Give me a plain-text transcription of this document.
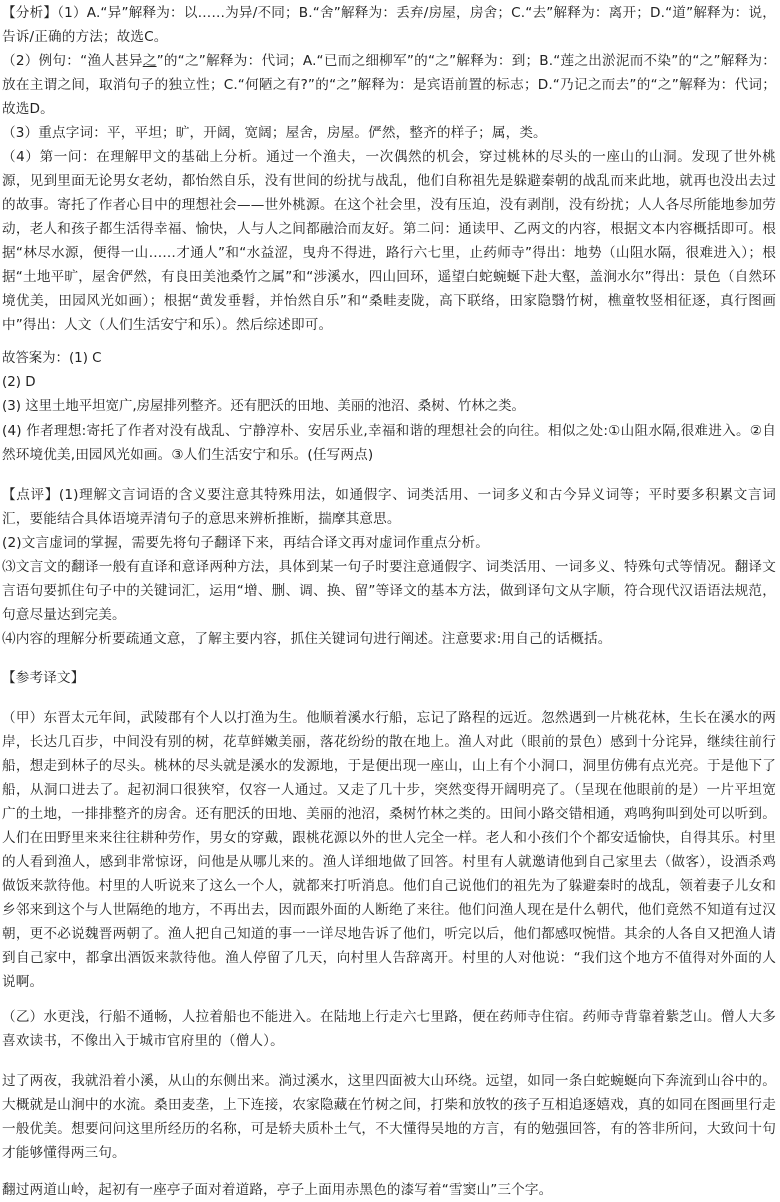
【分析】（1）A.“异”解释为：以……为异/不同；B.“舍”解释为：丢弃/房屋，房舍；C.“去”解释为：离开；D.“道”解释为：说，告诉/正确的方法；故选C。

（2）例句：“渔人甚异之”的“之”解释为：代词；A.“已而之细柳军”的“之”解释为：到；B.“莲之出淤泥而不染”的“之”解释为：放在主谓之间，取消句子的独立性；C.“何陋之有?”的“之”解释为：是宾语前置的标志；D.“乃记之而去”的“之”解释为：代词；故选D。

（3）重点字词：平，平坦；旷，开阔，宽阔；屋舍，房屋。俨然，整齐的样子；属，类。

（4）第一问：在理解甲文的基础上分析。通过一个渔夫，一次偶然的机会，穿过桃林的尽头的一座山的山洞。发现了世外桃源，见到里面无论男女老幼，都怡然自乐，没有世间的纷扰与战乱，他们自称祖先是躲避秦朝的战乱而来此地，就再也没出去过的故事。寄托了作者心目中的理想社会——世外桃源。在这个社会里，没有压迫，没有剥削，没有纷扰；人人各尽所能地参加劳动，老人和孩子都生活得幸福、愉快，人与人之间都融洽而友好。第二问：通读甲、乙两文的内容，根据文本内容概括即可。根据“林尽水源，便得一山……才通人”和“水益涩，曳舟不得进，路行六七里，止药师寺”得出：地势（山阻水隔，很难进入）；根据“土地平旷，屋舍俨然，有良田美池桑竹之属”和“涉溪水，四山回环，遥望白蛇蜿蜒下赴大壑，盖涧水尔”得出：景色（自然环境优美，田园风光如画）；根据“黄发垂髫，并怡然自乐”和“桑畦麦陇，高下联络，田家隐翳竹树，樵童牧竖相征逐，真行图画中”得出：人文（人们生活安宁和乐）。然后综述即可。

故答案为：(1) C

(2) D

(3) 这里土地平坦宽广,房屋排列整齐。还有肥沃的田地、美丽的池沼、桑树、竹林之类。

(4) 作者理想:寄托了作者对没有战乱、宁静淳朴、安居乐业,幸福和谐的理想社会的向往。相似之处:①山阻水隔,很难进入。②自然环境优美,田园风光如画。③人们生活安宁和乐。(任写两点)

【点评】(1)理解文言词语的含义要注意其特殊用法，如通假字、词类活用、一词多义和古今异义词等；平时要多积累文言词汇，要能结合具体语境弄清句子的意思来辨析推断，揣摩其意思。

(2)文言虚词的掌握，需要先将句子翻译下来，再结合译文再对虚词作重点分析。

⑶文言文的翻译一般有直译和意译两种方法，具体到某一句子时要注意通假字、词类活用、一词多义、特殊句式等情况。翻译文言语句要抓住句子中的关键词汇，运用“增、删、调、换、留”等译文的基本方法，做到译句文从字顺，符合现代汉语语法规范，句意尽量达到完美。

⑷内容的理解分析要疏通文意，了解主要内容，抓住关键词句进行阐述。注意要求:用自己的话概括。

【参考译文】

（甲）东晋太元年间，武陵郡有个人以打渔为生。他顺着溪水行船，忘记了路程的远近。忽然遇到一片桃花林，生长在溪水的两岸，长达几百步，中间没有别的树，花草鲜嫩美丽，落花纷纷的散在地上。渔人对此（眼前的景色）感到十分诧异，继续往前行船，想走到林子的尽头。桃林的尽头就是溪水的发源地，于是便出现一座山，山上有个小洞口，洞里仿佛有点光亮。于是他下了船，从洞口进去了。起初洞口很狭窄，仅容一人通过。又走了几十步，突然变得开阔明亮了。（呈现在他眼前的是）一片平坦宽广的土地，一排排整齐的房舍。还有肥沃的田地、美丽的池沼，桑树竹林之类的。田间小路交错相通，鸡鸣狗叫到处可以听到。人们在田野里来来往往耕种劳作，男女的穿戴，跟桃花源以外的世人完全一样。老人和小孩们个个都安适愉快，自得其乐。村里的人看到渔人，感到非常惊讶，问他是从哪儿来的。渔人详细地做了回答。村里有人就邀请他到自己家里去（做客），设酒杀鸡做饭来款待他。村里的人听说来了这么一个人，就都来打听消息。他们自己说他们的祖先为了躲避秦时的战乱，领着妻子儿女和乡邻来到这个与人世隔绝的地方，不再出去，因而跟外面的人断绝了来往。他们问渔人现在是什么朝代，他们竟然不知道有过汉朝，更不必说魏晋两朝了。渔人把自己知道的事一一详尽地告诉了他们，听完以后，他们都感叹惋惜。其余的人各自又把渔人请到自己家中，都拿出酒饭来款待他。渔人停留了几天，向村里人告辞离开。村里的人对他说：“我们这个地方不值得对外面的人说啊。

（乙）水更浅，行船不通畅，人拉着船也不能进入。在陆地上行走六七里路，便在药师寺住宿。药师寺背靠着紫芝山。僧人大多喜欢读书，不像出入于城市官府里的（僧人）。

过了两夜，我就沿着小溪，从山的东侧出来。淌过溪水，这里四面被大山环绕。远望，如同一条白蛇蜿蜒向下奔流到山谷中的。大概就是山涧中的水流。桑田麦垄，上下连接，农家隐藏在竹树之间，打柴和放牧的孩子互相追逐嬉戏，真的如同在图画里行走一般优美。想要问问这里所经历的名称，可是轿夫质朴土气，不大懂得吴地的方言，有的勉强回答，有的答非所问，大致问十句才能够懂得两三句。

翻过两道山岭，起初有一座亭子面对着道路，亭子上面用赤黑色的漆写着“雪窦山”三个字。
